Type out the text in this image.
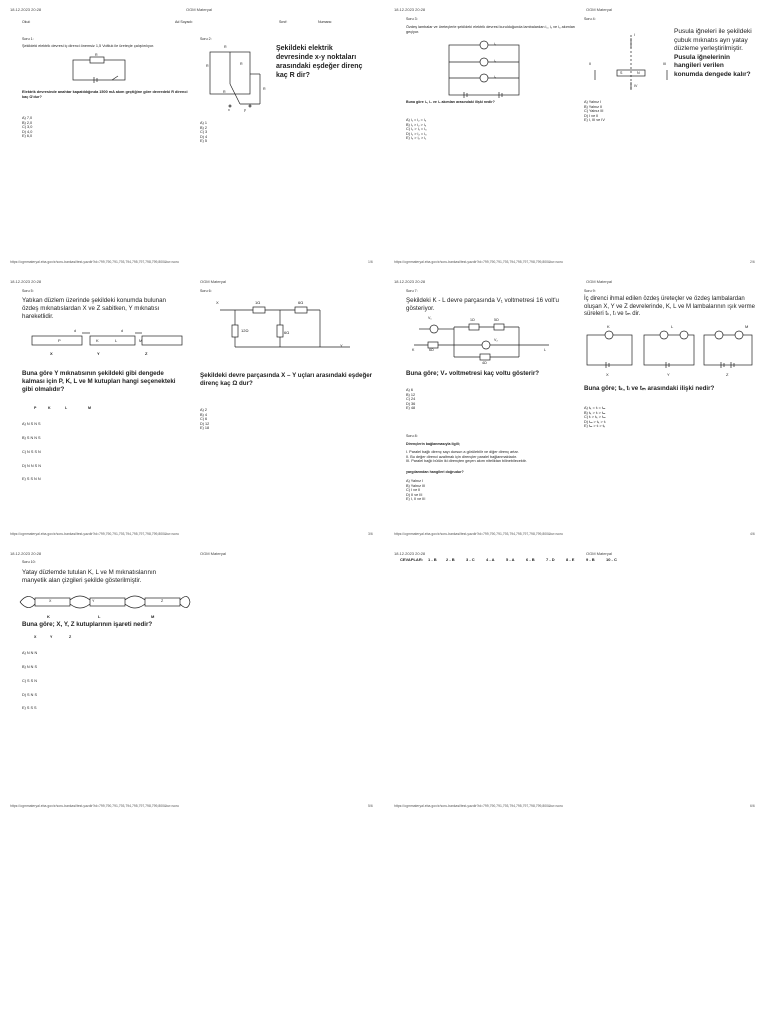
18.12.2023 20:28	OGM Materyal
Okul:	Ad Soyadı:	Sınıf:	Numara:
Soru 1:
Şekildeki elektrik devresi iç direnci önemsiz 1,5 Voltluk ile üreteçle çalıştırılıyor.
R
Elektrik devresinde anahtar kapatıldığında 1500 mA akım geçtiğine göre devredeki R direnci kaç Ω'dur?
A) 7,0
B) 2,0
C) 3,0
D) 4,0
E) 6,0
Soru 2:
R
R	R
R
R
x	y
Şekildeki elektrik devresinde x-y noktaları arasındaki eşdeğer direnç kaç R dir?
A) 1
B) 2
C) 3
D) 4
E) 5
https://ogmmateryal.eba.gov.tr/soru-bankasi/test-yazdir?id=799,790,791,793,794,795,797,798,799,800&tur=soru	1/6
18.12.2023 20:28	OGM Materyal
Soru 3:
Özdeş lambalar ve üreteçlerle şekildeki elektrik devresi kurulduğunda lambalardan i₁, i₂ ve i₃ akımları geçiyor.
i₁
i₂
i₃
Buna göre i₁, i₂ ve i₃ akımları arasındaki ilişki nedir?
A) i₁ = i₂ = i₃
B) i₁ > i₂ > i₃
C) i₂ > i₁ = i₃
D) i₁ > i₂ = i₃
E) i₃ > i₂ > i₁
Soru 4:
I
II	III
IV
S	N
Pusula iğneleri ile şekildeki çubuk mıknatıs ayrı yatay düzleme yerleştirilmiştir. Pusula iğnelerinin hangileri verilen konumda dengede kalır?
A) Yalnız I
B) Yalnız II
C) Yalnız III
D) I ve II
E) I, III ve IV
https://ogmmateryal.eba.gov.tr/soru-bankasi/test-yazdir?id=799,790,791,793,794,795,797,798,799,800&tur=soru	2/6
18.12.2023 20:28	OGM Materyal
Soru 5:
Yatıkan düzlem üzerinde şekildeki konumda bulunan özdeş mıknatıslardan X ve Z sabitken, Y mıknatısı hareketlidir.
d	d
P	K	L	M
X	Y	Z
Buna göre Y mıknatısının şekildeki gibi dengede kalması için P, K, L ve M kutupları hangi seçenekteki gibi olmalıdır?
P	K	L	M

A) N S N S

B) S N N S

C) N S S N

D) N N S N

E) S S N N

Soru 6:
1Ω	6Ω
12Ω	6Ω
X
Y
Şekildeki devre parçasında X – Y uçları arasındaki eşdeğer direnç kaç Ω dur?
A) 2
B) 4
C) 6
D) 12
E) 18
https://ogmmateryal.eba.gov.tr/soru-bankasi/test-yazdir?id=799,790,791,793,794,795,797,798,799,800&tur=soru	3/6
18.12.2023 20:28	OGM Materyal
Soru 7:
Şekildeki K - L devre parçasında V₁ voltmetresi 16 volt'u gösteriyor.
V₁	1Ω	5Ω
K	6Ω
V₂
L
4Ω
Buna göre; V₂ voltmetresi kaç voltu gösterir?
A) 6
B) 12
C) 24
D) 36
E) 48
Soru 8:
Dirençlerin bağlanmasıyla ilgili;
I. Paralel bağlı direnç sayı dursun a görülebilir ve diğer direnç artar.
II. Bu değer direnci azaltmak için dirençler paralel bağlanmaktadır.
III. Paralel bağlı bütün iki dirençten geçen akım niteliktan bilinebilecektir.
yargılarından hangileri doğrudur?
A) Yalnız I
B) Yalnız III
C) I ve II
D) II ve III
E) I, II ve III
Soru 9:
İç direnci ihmal edilen özdeş üreteçler ve özdeş lambalardan oluşan X, Y ve Z devrelerinde, K, L ve M lambalarının ışık verme süreleri tₖ, tₗ ve tₘ dir.
K	L	M
X	Y	Z
Buna göre; tₖ, tₗ ve tₘ arasındaki ilişki nedir?
A) tₖ = tₗ = tₘ
B) tₖ > tₗ > tₘ
C) tₗ > tₖ > tₘ
D) tₘ > tₖ > tₗ
E) tₘ > tₗ > tₖ
https://ogmmateryal.eba.gov.tr/soru-bankasi/test-yazdir?id=799,790,791,793,794,795,797,798,799,800&tur=soru	4/6
18.12.2023 20:28	OGM Materyal
Soru 10:
Yatay düzlemde tutulan K, L ve M mıknatıslarının manyetik alan çizgileri şekilde gösterilmiştir.
X	Y	Z
K	L	M
Buna göre; X, Y, Z kutuplarının işareti nedir?
X	Y	Z

A) N N N

B) N N S

C) S S N

D) S N S

E) S S S

https://ogmmateryal.eba.gov.tr/soru-bankasi/test-yazdir?id=799,790,791,793,794,795,797,798,799,800&tur=soru	5/6
18.12.2023 20:28	OGM Materyal
CEVAPLAR: 1 - B 2 - B	3 - C	4 - A	5 - A	6 - B	7 - D	8 - E	9 - B	10 - C
https://ogmmateryal.eba.gov.tr/soru-bankasi/test-yazdir?id=799,790,791,793,794,795,797,798,799,800&tur=soru	6/6
